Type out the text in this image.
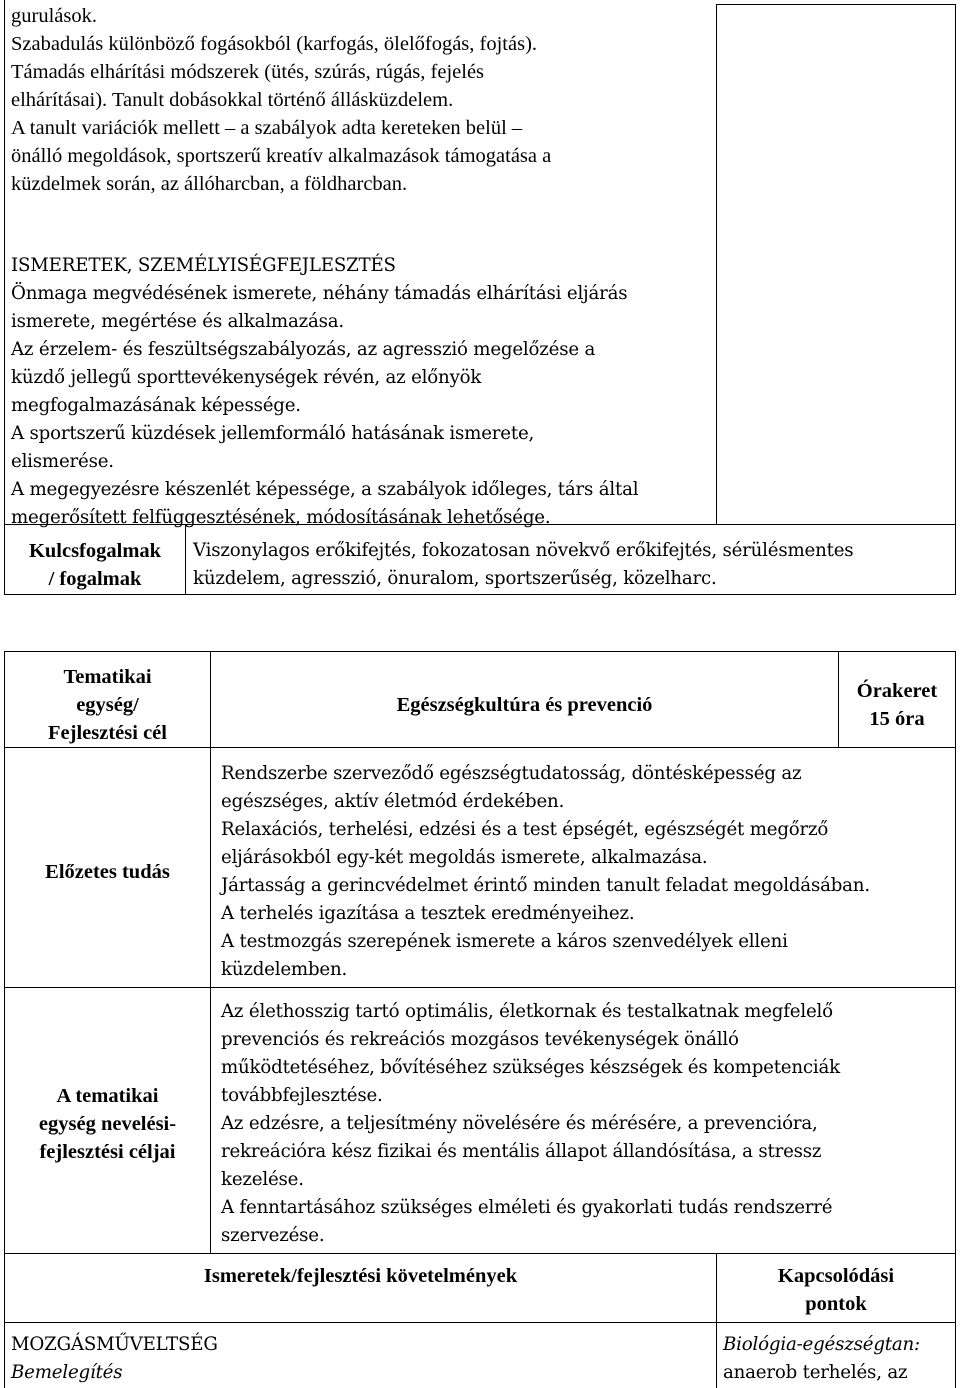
gurulások.
Szabadulás különböző fogásokból (karfogás, ölelőfogás, fojtás).
Támadás elhárítási módszerek (ütés, szúrás, rúgás, fejelés
elhárításai). Tanult dobásokkal történő állásküzdelem.
A tanult variációk mellett – a szabályok adta kereteken belül –
önálló megoldások, sportszerű kreatív alkalmazások támogatása a
küzdelmek során, az állóharcban, a földharcban.
ISMERETEK, SZEMÉLYISÉGFEJLESZTÉS
Önmaga megvédésének ismerete, néhány támadás elhárítási eljárás
ismerete, megértése és alkalmazása.
Az érzelem- és feszültségszabályozás, az agresszió megelőzése a
küzdő jellegű sporttevékenységek révén, az előnyök
megfogalmazásának képessége.
A sportszerű küzdések jellemformáló hatásának ismerete,
elismerése.
A megegyezésre készenlét képessége, a szabályok időleges, társ által
megerősített felfüggesztésének, módosításának lehetősége.
Kulcsfogalmak
/ fogalmak
Viszonylagos erőkifejtés, fokozatosan növekvő erőkifejtés, sérülésmentes
küzdelem, agresszió, önuralom, sportszerűség, közelharc.
Tematikai
egység/
Fejlesztési cél
Egészségkultúra és prevenció
Órakeret
15 óra
Előzetes tudás
Rendszerbe szerveződő egészségtudatosság, döntésképesség az
egészséges, aktív életmód érdekében.
Relaxációs, terhelési, edzési és a test épségét, egészségét megőrző
eljárásokból egy-két megoldás ismerete, alkalmazása.
Jártasság a gerincvédelmet érintő minden tanult feladat megoldásában.
A terhelés igazítása a tesztek eredményeihez.
A testmozgás szerepének ismerete a káros szenvedélyek elleni
küzdelemben.
A tematikai
egység nevelési-
fejlesztési céljai
Az élethosszig tartó optimális, életkornak és testalkatnak megfelelő
prevenciós és rekreációs mozgásos tevékenységek önálló
működtetéséhez, bővítéséhez szükséges készségek és kompetenciák
továbbfejlesztése.
Az edzésre, a teljesítmény növelésére és mérésére, a prevencióra,
rekreációra kész fizikai és mentális állapot állandósítása, a stressz
kezelése.
A fenntartásához szükséges elméleti és gyakorlati tudás rendszerré
szervezése.
Ismeretek/fejlesztési követelmények	Kapcsolódási
pontok
MOZGÁSMŰVELTSÉG
Bemelegítés
Biológia-egészségtan:
anaerob terhelés, az
